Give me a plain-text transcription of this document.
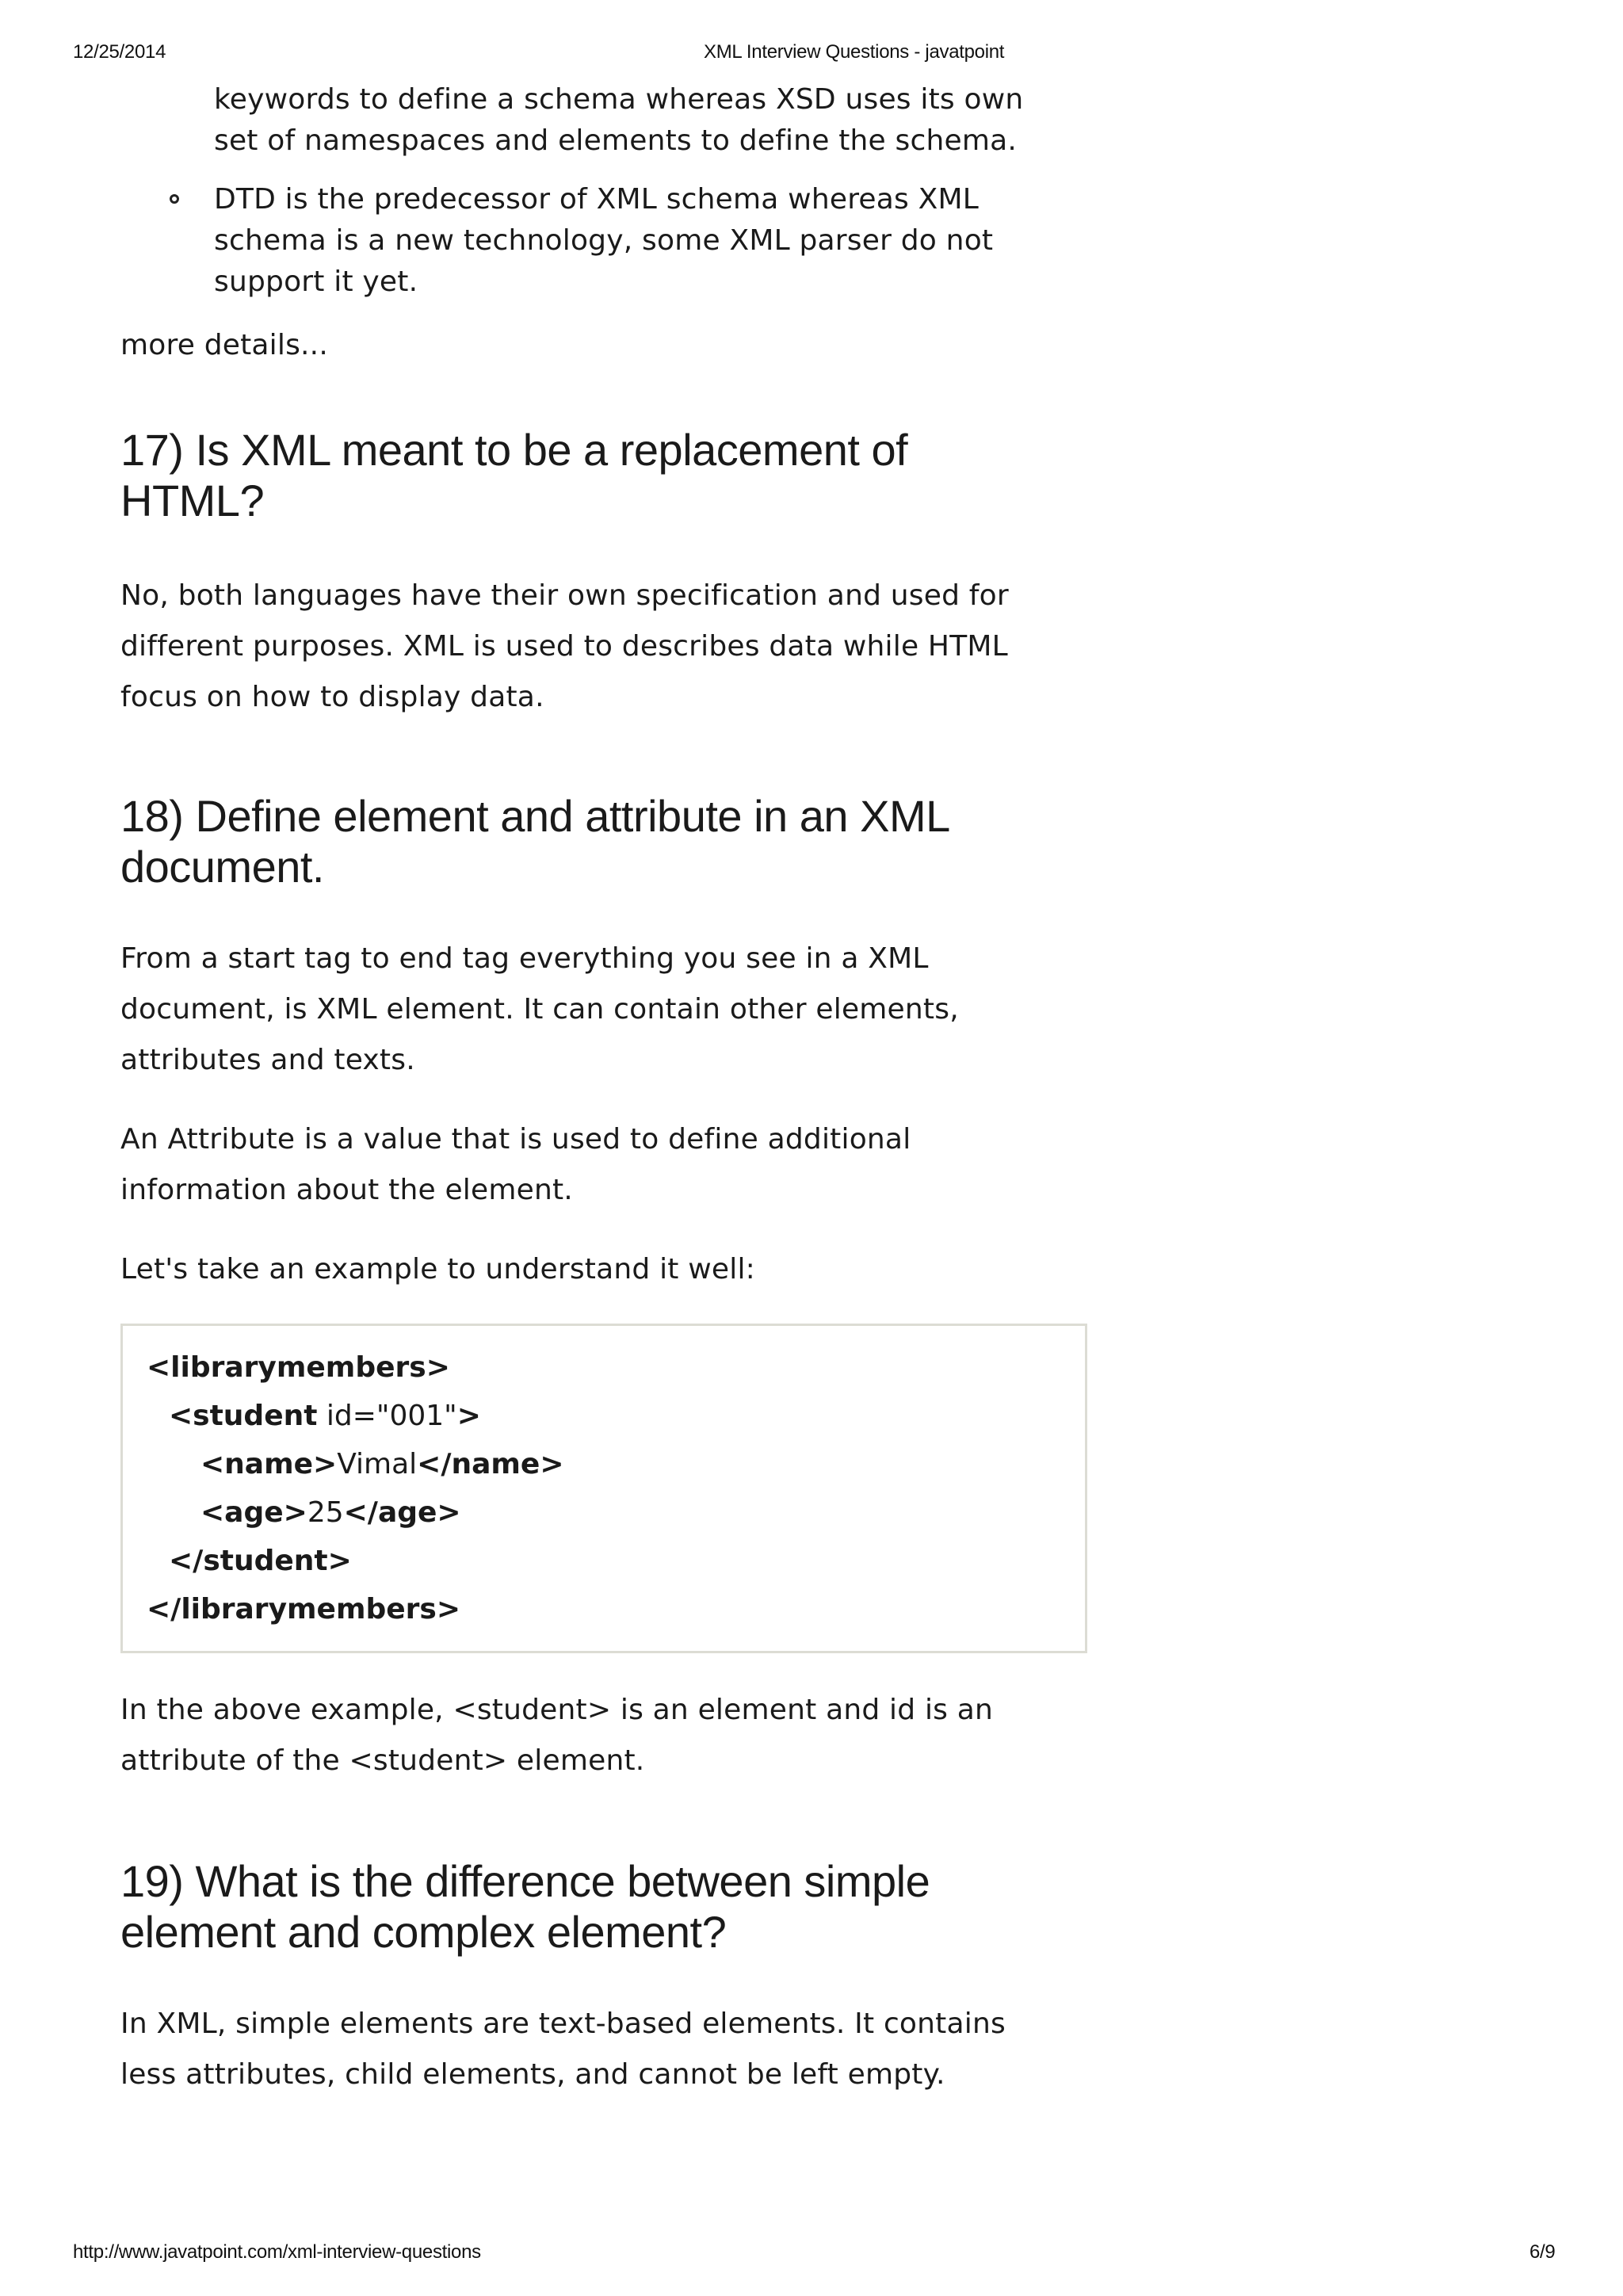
12/25/2014	XML Interview Questions - javatpoint
keywords to define a schema whereas XSD uses its own
set of namespaces and elements to define the schema.
DTD is the predecessor of XML schema whereas XML
schema is a new technology, some XML parser do not
support it yet.

more details...

17) Is XML meant to be a replacement of
HTML?

No, both languages have their own specification and used for
different purposes. XML is used to describes data while HTML
focus on how to display data.

18) Define element and attribute in an XML
document.

From a start tag to end tag everything you see in a XML
document, is XML element. It can contain other elements,
attributes and texts.

An Attribute is a value that is used to define additional
information about the element.

Let's take an example to understand it well:

<librarymembers>
<student id="001">
<name>Vimal</name>
<age>25</age>
</student>
</librarymembers>

In the above example, <student> is an element and id is an
attribute of the <student> element.

19) What is the difference between simple
element and complex element?

In XML, simple elements are text-based elements. It contains
less attributes, child elements, and cannot be left empty.

http://www.javatpoint.com/xml-interview-questions	6/9
